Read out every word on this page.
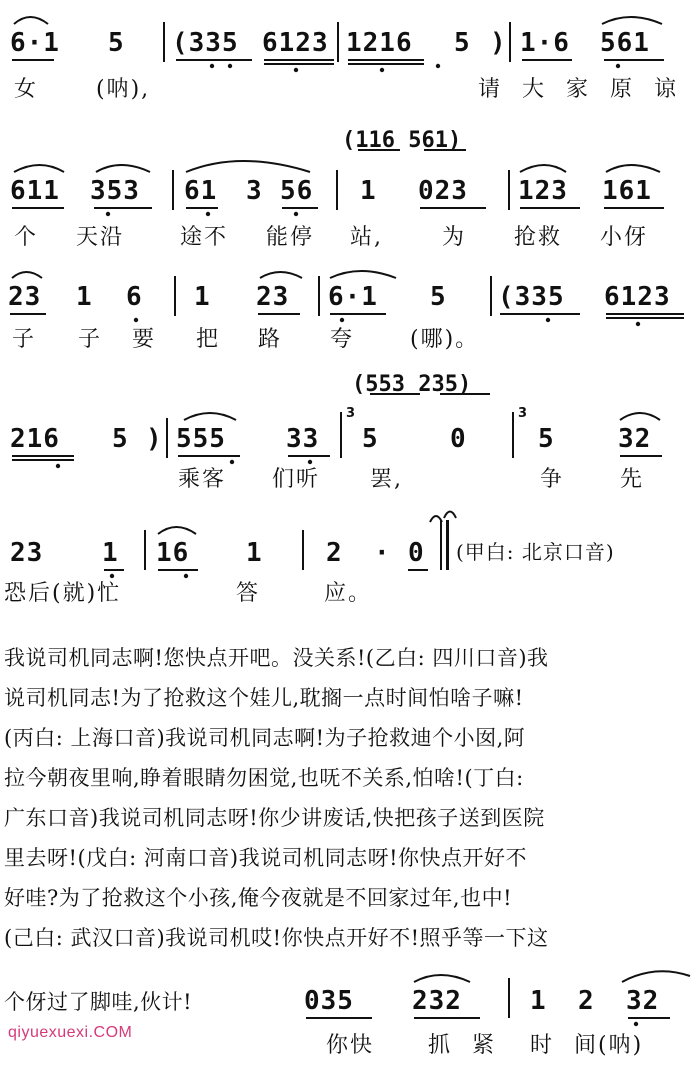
6·1 5 (335 6123 1216 5 ) 1·6 561
女	(呐),	请 大 家 原 谅
(116 561)
611 353 61 3 56 1 023 123 161
个 天沿	途不 能停 站,	为 抢救 小伢
23 1 6 1 23 6·1 5 (335 6123
子 子 要 把 路 夸	(哪)。
(553 235)
216 5 ) 555 33
3
5	0
3
5 32
乘客 们听 罢,	争	先
23 1 16 1 2 · 0 (甲白: 北京口音)
恐后(就)忙	答	应。
我说司机同志啊!您快点开吧。没关系!(乙白: 四川口音)我
说司机同志!为了抢救这个娃儿,耽搁一点时间怕啥子嘛!
(丙白: 上海口音)我说司机同志啊!为子抢救迪个小囡,阿
拉今朝夜里响,睁着眼睛勿困觉,也呒不关系,怕啥!(丁白:
广东口音)我说司机同志呀!你少讲废话,快把孩子送到医院
里去呀!(戊白: 河南口音)我说司机同志呀!你快点开好不
好哇?为了抢救这个小孩,俺今夜就是不回家过年,也中!
(己白: 武汉口音)我说司机哎!你快点开好不!照乎等一下这
个伢过了脚哇,伙计!	035 232	1 2 32
你快 抓 紧 时 间(呐)
qiyuexuexi.COM
